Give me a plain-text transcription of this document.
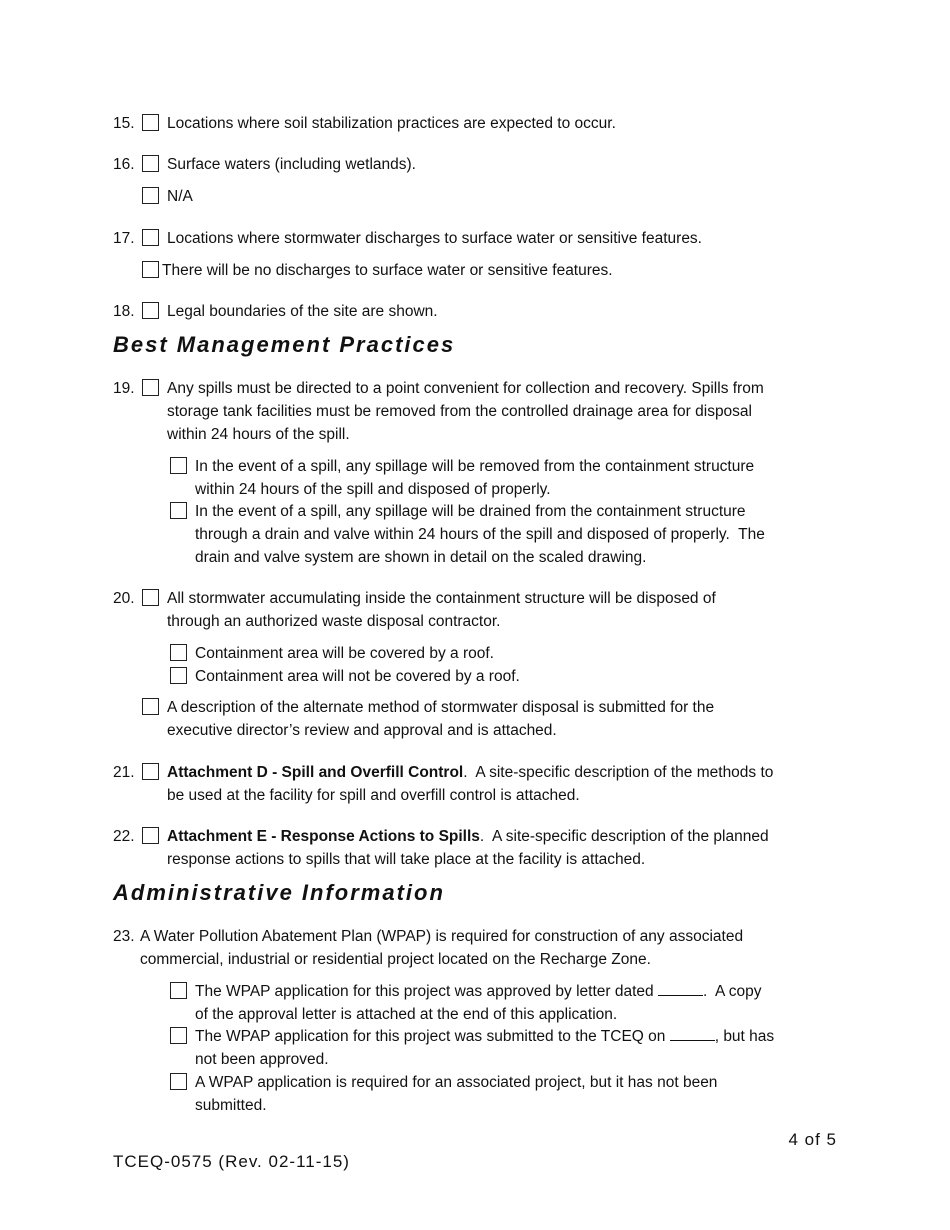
15. Locations where soil stabilization practices are expected to occur.
16. Surface waters (including wetlands).
N/A
17. Locations where stormwater discharges to surface water or sensitive features.
There will be no discharges to surface water or sensitive features.
18. Legal boundaries of the site are shown.
Best Management Practices
19. Any spills must be directed to a point convenient for collection and recovery. Spills from
storage tank facilities must be removed from the controlled drainage area for disposal
within 24 hours of the spill.
In the event of a spill, any spillage will be removed from the containment structure
within 24 hours of the spill and disposed of properly.
In the event of a spill, any spillage will be drained from the containment structure
through a drain and valve within 24 hours of the spill and disposed of properly.  The
drain and valve system are shown in detail on the scaled drawing.
20. All stormwater accumulating inside the containment structure will be disposed of
through an authorized waste disposal contractor.
Containment area will be covered by a roof.
Containment area will not be covered by a roof.
A description of the alternate method of stormwater disposal is submitted for the
executive director’s review and approval and is attached.
21. Attachment D - Spill and Overfill Control.  A site-specific description of the methods to
be used at the facility for spill and overfill control is attached.
22. Attachment E - Response Actions to Spills.  A site-specific description of the planned
response actions to spills that will take place at the facility is attached.
Administrative Information
23. A Water Pollution Abatement Plan (WPAP) is required for construction of any associated
commercial, industrial or residential project located on the Recharge Zone.
The WPAP application for this project was approved by letter dated	.  A copy
of the approval letter is attached at the end of this application.
The WPAP application for this project was submitted to the TCEQ on	, but has
not been approved.
A WPAP application is required for an associated project, but it has not been
submitted.
4 of 5
TCEQ-0575 (Rev. 02-11-15)
